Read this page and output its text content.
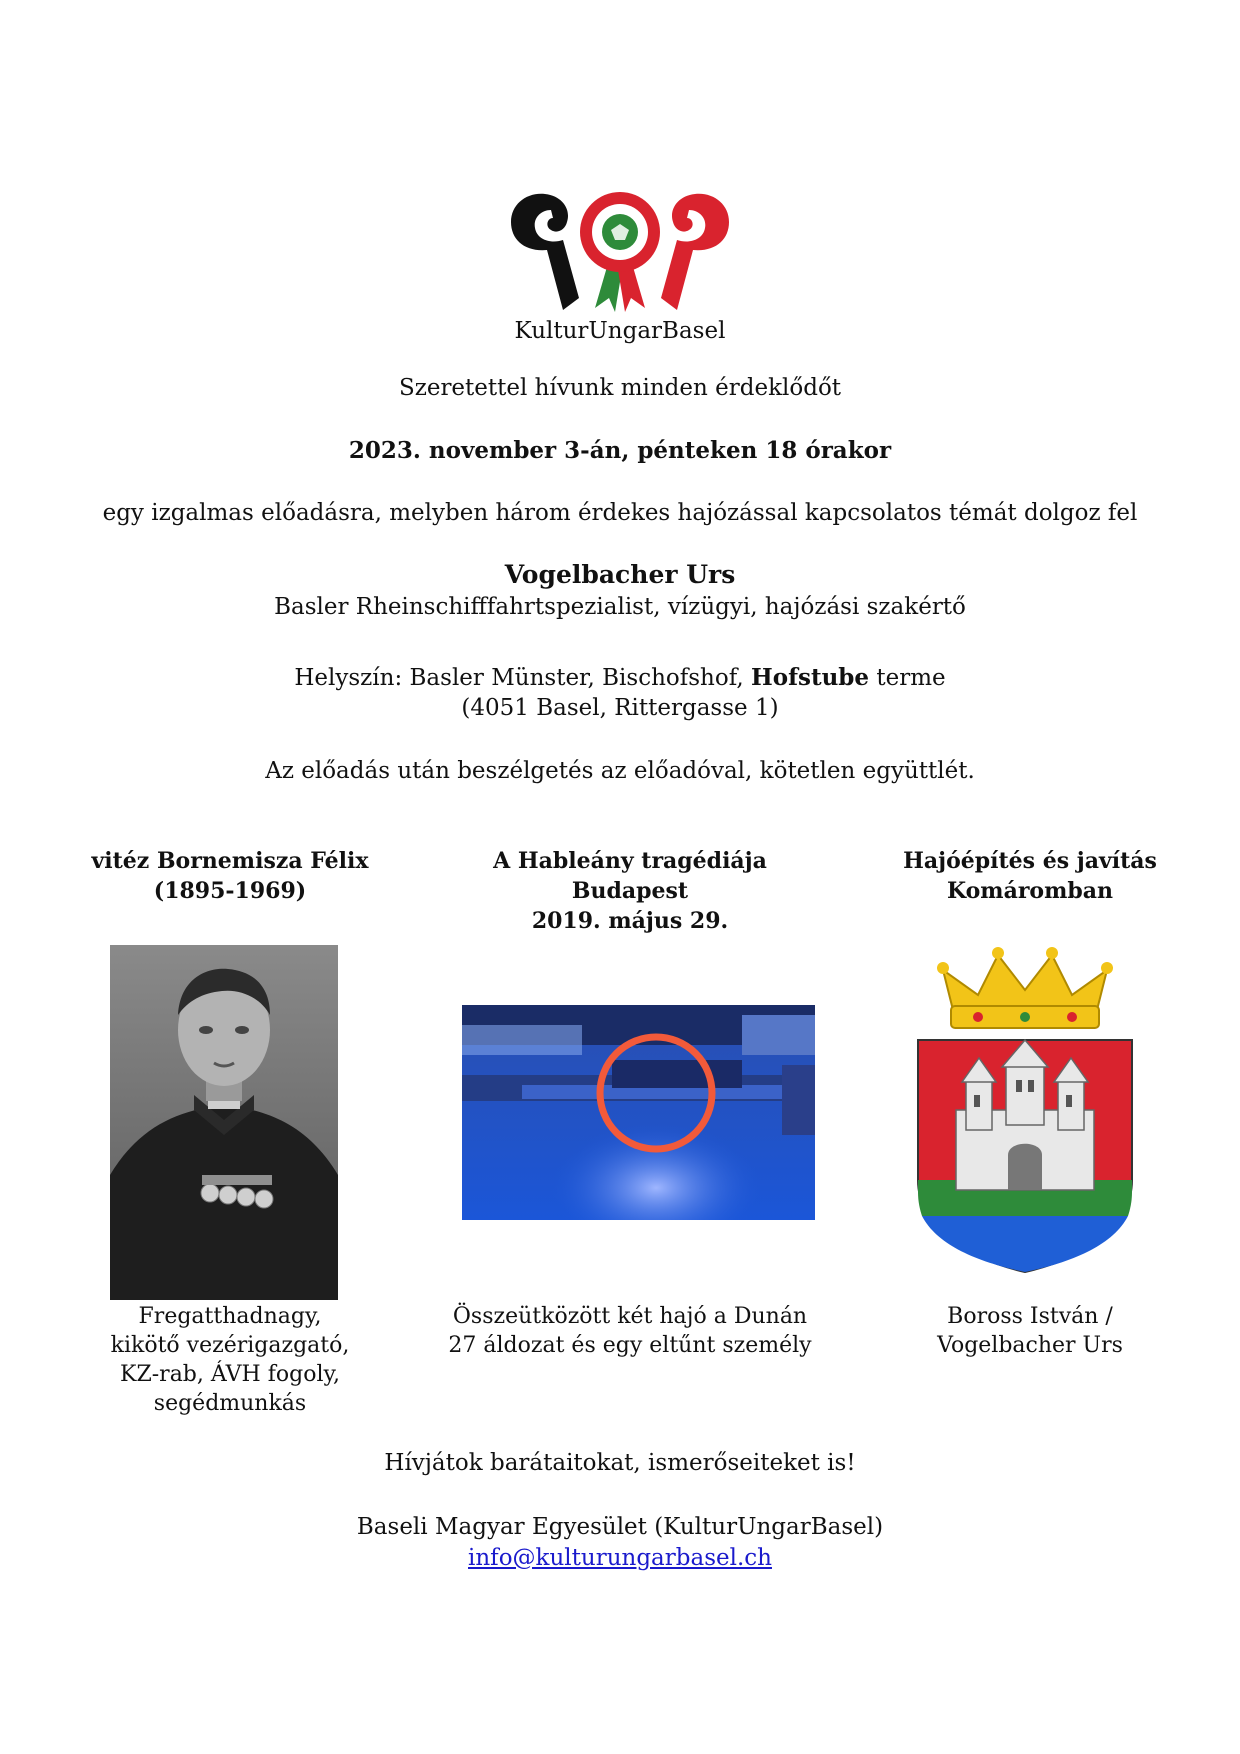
KulturUngarBasel
Szeretettel hívunk minden érdeklődőt
2023. november 3-án, pénteken 18 órakor
egy izgalmas előadásra, melyben három érdekes hajózással kapcsolatos témát dolgoz fel
Vogelbacher Urs
Basler Rheinschifffahrtspezialist, vízügyi, hajózási szakértő
Helyszín: Basler Münster, Bischofshof, Hofstube terme
(4051 Basel, Rittergasse 1)
Az előadás után beszélgetés az előadóval, kötetlen együttlét.
vitéz Bornemisza Félix
(1895-1969)
A Hableány tragédiája
Budapest
2019. május 29.
Hajóépítés és javítás
Komáromban
Fregatthadnagy,
kikötő vezérigazgató,
KZ-rab, ÁVH fogoly,
segédmunkás
Összeütközött két hajó a Dunán
27 áldozat és egy eltűnt személy
Boross István /
Vogelbacher Urs
Hívjátok barátaitokat, ismerőseiteket is!
Baseli Magyar Egyesület (KulturUngarBasel)
info@kulturungarbasel.ch
